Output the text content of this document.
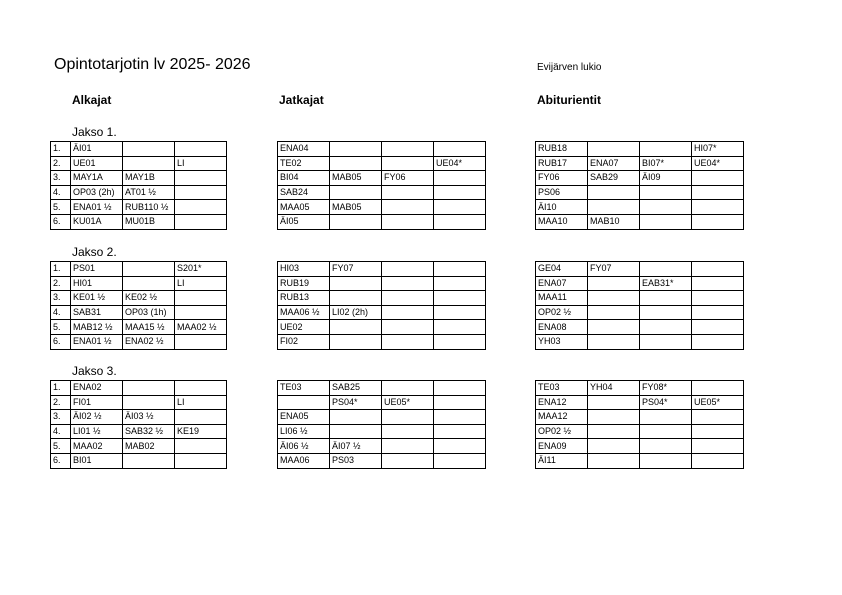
Opintotarjotin lv 2025- 2026	Evijärven lukio
Alkajat	Jatkajat	Abiturientit
Jakso 1.
1.	ÄI01		
2.	UE01		LI
3.	MAY1A	MAY1B	
4.	OP03 (2h)	AT01 ½	
5.	ENA01 ½	RUB110 ½	
6.	KU01A	MU01B	
ENA04			
TE02			UE04*
BI04	MAB05	FY06	
SAB24			
MAA05	MAB05		
ÄI05			
RUB18			HI07*
RUB17	ENA07	BI07*	UE04*
FY06	SAB29	ÄI09	
PS06			
ÄI10			
MAA10	MAB10		
Jakso 2.
1.	PS01		S201*
2.	HI01		LI
3.	KE01 ½	KE02 ½	
4.	SAB31	OP03 (1h)	
5.	MAB12 ½	MAA15 ½	MAA02 ½
6.	ENA01 ½	ENA02 ½	
HI03	FY07		
RUB19			
RUB13			
MAA06 ½	LI02 (2h)		
UE02			
FI02			
GE04	FY07		
ENA07		EAB31*	
MAA11			
OP02 ½			
ENA08			
YH03			
Jakso 3.
1.	ENA02		
2.	FI01		LI
3.	ÄI02 ½	ÄI03 ½	
4.	LI01 ½	SAB32 ½	KE19
5.	MAA02	MAB02	
6.	BI01		
TE03	SAB25		
	PS04*	UE05*	
ENA05			
LI06 ½			
ÄI06 ½	ÄI07 ½		
MAA06	PS03		
TE03	YH04	FY08*	
ENA12		PS04*	UE05*
MAA12			
OP02 ½			
ENA09			
ÄI11			
